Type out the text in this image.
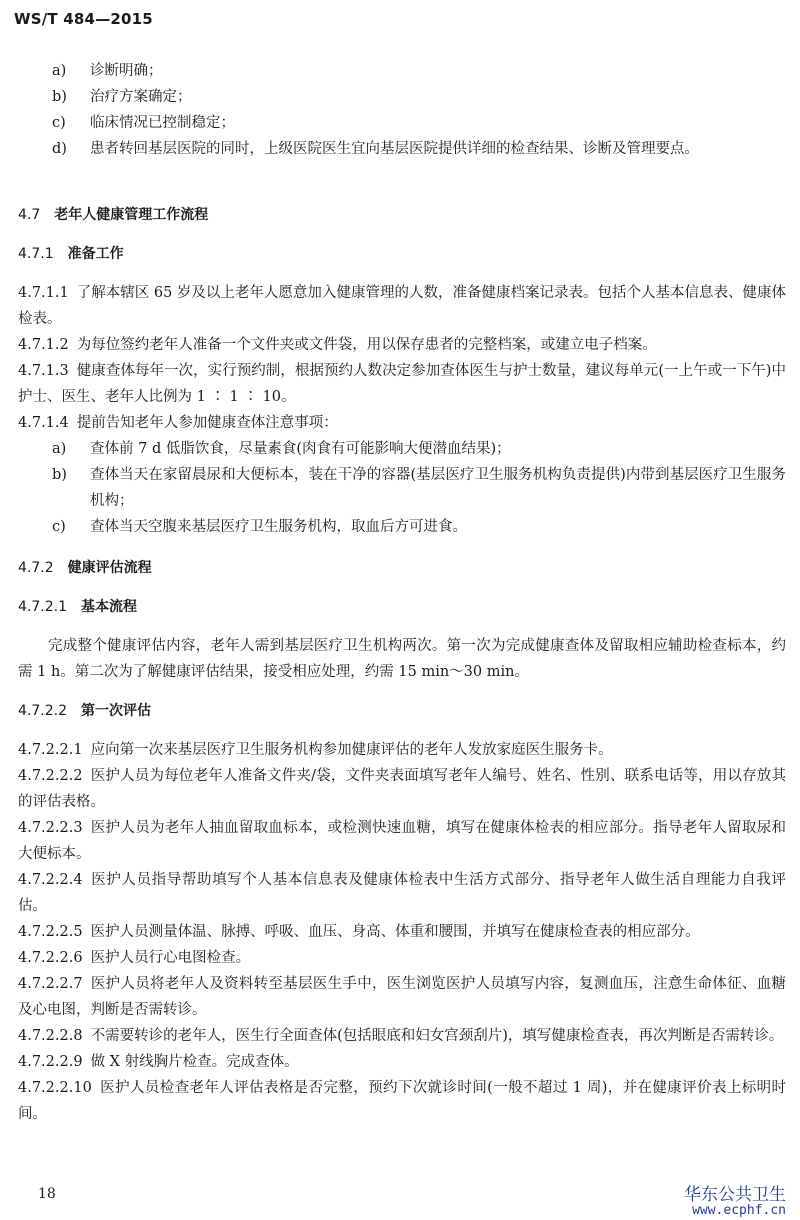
WS/T 484—2015
a)	诊断明确；
b)	治疗方案确定；
c)	临床情况已控制稳定；
d)	患者转回基层医院的同时，上级医院医生宜向基层医院提供详细的检查结果、诊断及管理要点。
4.7 老年人健康管理工作流程
4.7.1 准备工作
4.7.1.1 了解本辖区 65 岁及以上老年人愿意加入健康管理的人数，准备健康档案记录表。包括个人基本信息表、健康体检表。
4.7.1.2 为每位签约老年人准备一个文件夹或文件袋，用以保存患者的完整档案，或建立电子档案。
4.7.1.3 健康查体每年一次，实行预约制，根据预约人数决定参加查体医生与护士数量，建议每单元(一上午或一下午)中护士、医生、老年人比例为 1 ∶ 1 ∶ 10。
4.7.1.4 提前告知老年人参加健康查体注意事项：
a)	查体前 7 d 低脂饮食，尽量素食(肉食有可能影响大便潜血结果)；
b)	查体当天在家留晨尿和大便标本，装在干净的容器(基层医疗卫生服务机构负责提供)内带到基层医疗卫生服务机构；
c)	查体当天空腹来基层医疗卫生服务机构，取血后方可进食。
4.7.2 健康评估流程
4.7.2.1 基本流程
完成整个健康评估内容，老年人需到基层医疗卫生机构两次。第一次为完成健康查体及留取相应辅助检查标本，约需 1 h。第二次为了解健康评估结果，接受相应处理，约需 15 min～30 min。
4.7.2.2 第一次评估
4.7.2.2.1 应向第一次来基层医疗卫生服务机构参加健康评估的老年人发放家庭医生服务卡。
4.7.2.2.2 医护人员为每位老年人准备文件夹/袋，文件夹表面填写老年人编号、姓名、性别、联系电话等，用以存放其的评估表格。
4.7.2.2.3 医护人员为老年人抽血留取血标本，或检测快速血糖，填写在健康体检表的相应部分。指导老年人留取尿和大便标本。
4.7.2.2.4 医护人员指导帮助填写个人基本信息表及健康体检表中生活方式部分、指导老年人做生活自理能力自我评估。
4.7.2.2.5 医护人员测量体温、脉搏、呼吸、血压、身高、体重和腰围，并填写在健康检查表的相应部分。
4.7.2.2.6 医护人员行心电图检查。
4.7.2.2.7 医护人员将老年人及资料转至基层医生手中，医生浏览医护人员填写内容，复测血压，注意生命体征、血糖及心电图，判断是否需转诊。
4.7.2.2.8 不需要转诊的老年人，医生行全面查体(包括眼底和妇女宫颈刮片)，填写健康检查表，再次判断是否需转诊。
4.7.2.2.9 做 X 射线胸片检查。完成查体。
4.7.2.2.10 医护人员检查老年人评估表格是否完整，预约下次就诊时间(一般不超过 1 周)，并在健康评价表上标明时间。
18	华东公共卫生
www.ecphf.cn
